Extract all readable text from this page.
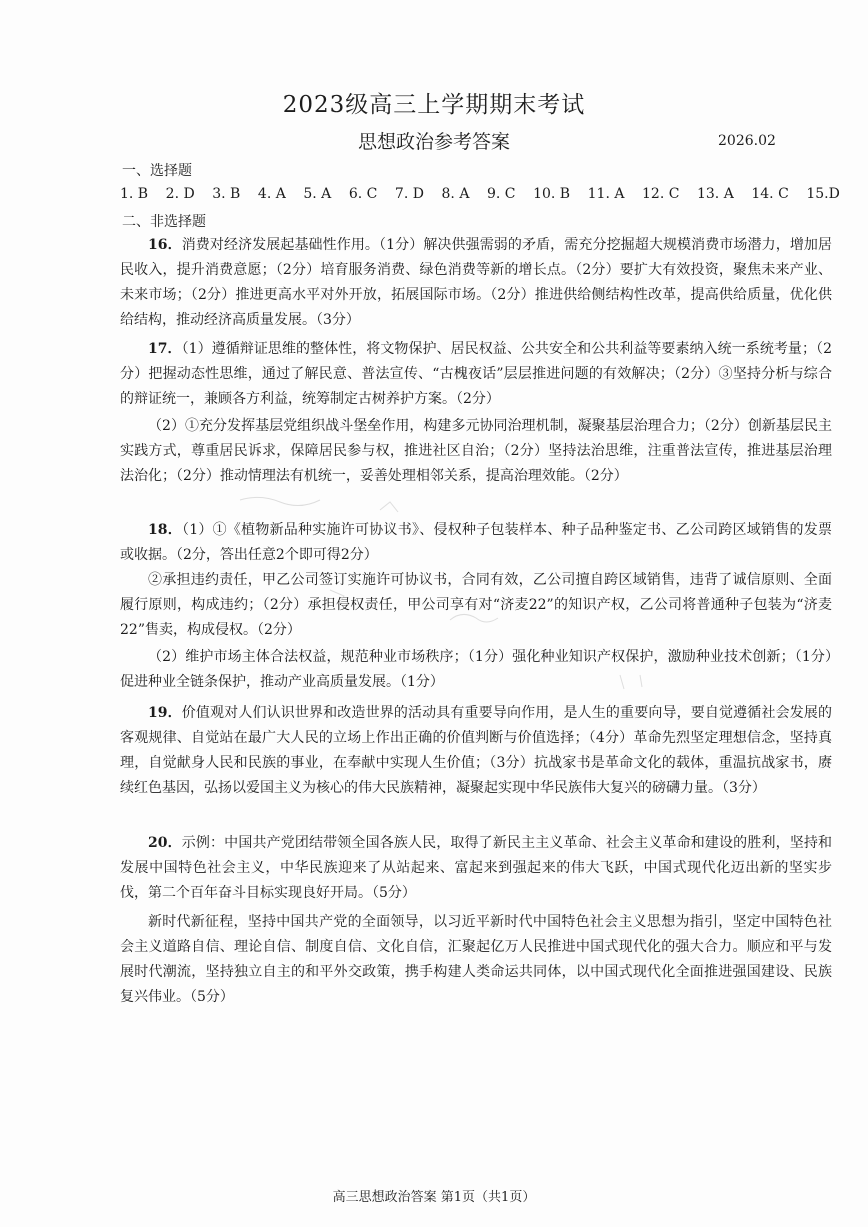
2023级高三上学期期末考试
思想政治参考答案	2026.02
一、选择题
1. B 2. D 3. B 4. A 5. A 6. C 7. D 8. A 9. C 10. B 11. A 12. C 13. A 14. C 15.D
二、非选择题

16．消费对经济发展起基础性作用。（1分）解决供强需弱的矛盾，需充分挖掘超大规模消费市场潜力，增加居民收入，提升消费意愿；（2分）培育服务消费、绿色消费等新的增长点。（2分）要扩大有效投资，聚焦未来产业、未来市场；（2分）推进更高水平对外开放，拓展国际市场。（2分）推进供给侧结构性改革，提高供给质量，优化供给结构，推动经济高质量发展。（3分）

17．（1）遵循辩证思维的整体性，将文物保护、居民权益、公共安全和公共利益等要素纳入统一系统考量；（2分）把握动态性思维，通过了解民意、普法宣传、“古槐夜话”层层推进问题的有效解决；（2分）③坚持分析与综合的辩证统一，兼顾各方利益，统筹制定古树养护方案。（2分）

（2）①充分发挥基层党组织战斗堡垒作用，构建多元协同治理机制，凝聚基层治理合力；（2分）创新基层民主实践方式，尊重居民诉求，保障居民参与权，推进社区自治；（2分）坚持法治思维，注重普法宣传，推进基层治理法治化；（2分）推动情理法有机统一，妥善处理相邻关系，提高治理效能。（2分）

18．（1）①《植物新品种实施许可协议书》、侵权种子包装样本、种子品种鉴定书、乙公司跨区域销售的发票或收据。（2分，答出任意2个即可得2分）

②承担违约责任，甲乙公司签订实施许可协议书，合同有效，乙公司擅自跨区域销售，违背了诚信原则、全面履行原则，构成违约；（2分）承担侵权责任，甲公司享有对“济麦22”的知识产权，乙公司将普通种子包装为“济麦22”售卖，构成侵权。（2分）

（2）维护市场主体合法权益，规范种业市场秩序；（1分）强化种业知识产权保护，激励种业技术创新；（1分）促进种业全链条保护，推动产业高质量发展。（1分）

19．价值观对人们认识世界和改造世界的活动具有重要导向作用，是人生的重要向导，要自觉遵循社会发展的客观规律、自觉站在最广大人民的立场上作出正确的价值判断与价值选择；（4分）革命先烈坚定理想信念，坚持真理，自觉献身人民和民族的事业，在奉献中实现人生价值；（3分）抗战家书是革命文化的载体，重温抗战家书，赓续红色基因，弘扬以爱国主义为核心的伟大民族精神，凝聚起实现中华民族伟大复兴的磅礴力量。（3分）

20．示例：中国共产党团结带领全国各族人民，取得了新民主主义革命、社会主义革命和建设的胜利，坚持和发展中国特色社会主义，中华民族迎来了从站起来、富起来到强起来的伟大飞跃，中国式现代化迈出新的坚实步伐，第二个百年奋斗目标实现良好开局。（5分）

新时代新征程，坚持中国共产党的全面领导，以习近平新时代中国特色社会主义思想为指引，坚定中国特色社会主义道路自信、理论自信、制度自信、文化自信，汇聚起亿万人民推进中国式现代化的强大合力。顺应和平与发展时代潮流，坚持独立自主的和平外交政策，携手构建人类命运共同体，以中国式现代化全面推进强国建设、民族复兴伟业。（5分）

高三思想政治答案 第1页（共1页）
